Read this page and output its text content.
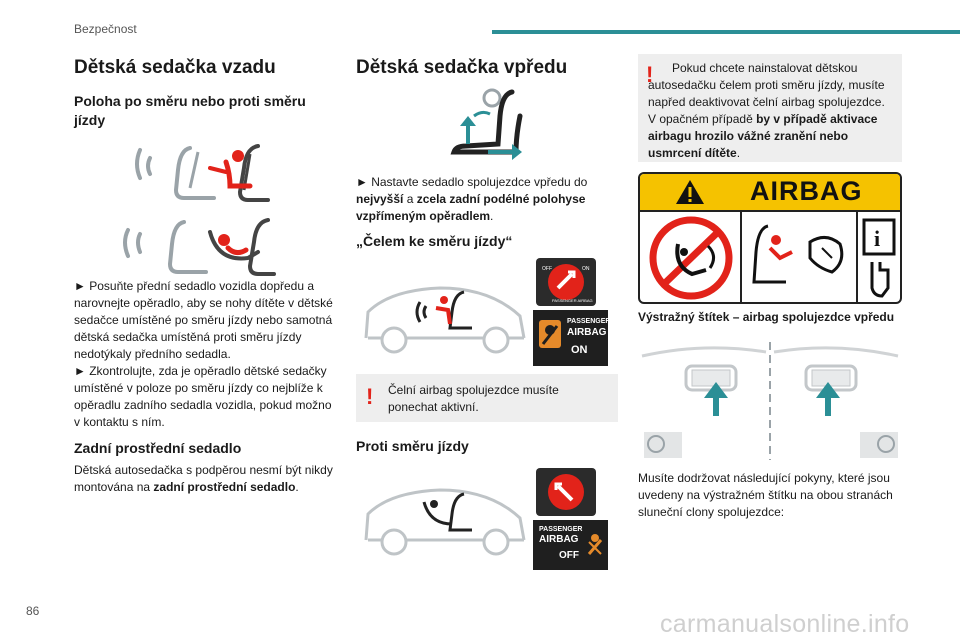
Bezpečnost
86	carmanualsonline.info
Dětská sedačka vzadu
Poloha po směru nebo proti směru jízdy

► Posuňte přední sedadlo vozidla dopředu a narovnejte opěradlo, aby se nohy dítěte v dětské sedačce umístěné po směru jízdy nebo samotná dětská sedačka umístěná proti směru jízdy nedotýkaly předního sedadla.

► Zkontrolujte, zda je opěradlo dětské sedačky umístěné v poloze po směru jízdy co nejblíže k opěradlu zadního sedadla vozidla, pokud možno v kontaktu s ním.

Zadní prostřední sedadlo

Dětská autosedačka s podpěrou nesmí být nikdy montována na zadní prostřední sedadlo.

Dětská sedačka vpředu

► Nastavte sedadlo spolujezdce vpředu do nejvyšší a zcela zadní podélné polohyse vzpřímeným opěradlem.

„Čelem ke směru jízdy“
OFF	ON
PASSENGER AIRBAG
PASSENGER
AIRBAG
ON
! Čelní airbag spolujezdce musíte ponechat aktivní.

Proti směru jízdy
PASSENGER
AIRBAG
OFF
!	Pokud chcete nainstalovat dětskou autosedačku čelem proti směru jízdy, musíte napřed deaktivovat čelní airbag spolujezdce. V opačném případě by v případě aktivace airbagu hrozilo vážné zranění nebo usmrcení dítěte.

AIRBAG
i

Výstražný štítek – airbag spolujezdce vpředu

Musíte dodržovat následující pokyny, které jsou uvedeny na výstražném štítku na obou stranách sluneční clony spolujezdce:
